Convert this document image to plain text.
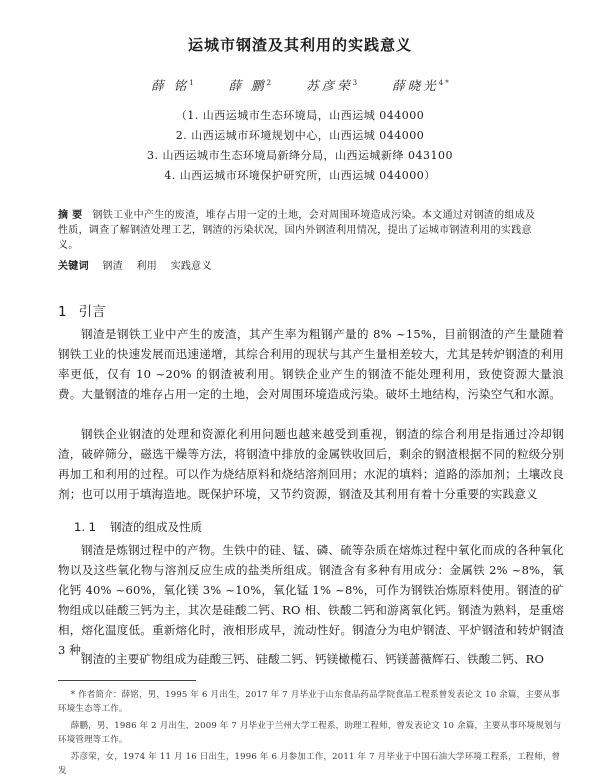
运城市钢渣及其利用的实践意义
薛 铭$^1$	薛 鹏$^2$	苏彦荣$^3$	薛晓光$^{4 *}$
（1. 山西运城市生态环境局，山西运城 044000
2. 山西运城市环境规划中心，山西运城 044000
3. 山西运城市生态环境局新绛分局，山西运城新绛 043100
4. 山西运城市环境保护研究所，山西运城 044000）
摘 要 钢铁工业中产生的废渣，堆存占用一定的土地，会对周围环境造成污染。本文通过对钢渣的组成及性质，调查了解钢渣处理工艺，钢渣的污染状况，国内外钢渣利用情况，提出了运城市钢渣利用的实践意义。
关键词 钢渣 利用 实践意义
1 引言
钢渣是钢铁工业中产生的废渣，其产生率为粗钢产量的 8% ~15%，目前钢渣的产生量随着钢铁工业的快速发展而迅速递增，其综合利用的现状与其产生量相差较大，尤其是转炉钢渣的利用率更低，仅有 10 ~20% 的钢渣被利用。钢铁企业产生的钢渣不能处理利用，致使资源大量浪费。大量钢渣的堆存占用一定的土地，会对周围环境造成污染。破坏土地结构，污染空气和水源。
钢铁企业钢渣的处理和资源化利用问题也越来越受到重视，钢渣的综合利用是指通过冷却钢渣，破碎筛分，磁选干燥等方法，将钢渣中排放的金属铁收回后，剩余的钢渣根据不同的粒级分别再加工和利用的过程。可以作为烧结原料和烧结溶剂回用；水泥的填料；道路的添加剂；土壤改良剂；也可以用于填海造地。既保护环境，又节约资源，钢渣及其利用有着十分重要的实践意义
1. 1 钢渣的组成及性质
钢渣是炼钢过程中的产物。生铁中的硅、锰、磷、硫等杂质在熔炼过程中氧化而成的各种氧化物以及这些氧化物与溶剂反应生成的盐类所组成。钢渣含有多种有用成分：金属铁 2% ~8%，氧化钙 40% ~60%，氧化镁 3% ~10%，氧化锰 1% ~8%，可作为钢铁冶炼原料使用。钢渣的矿物组成以硅酸三钙为主，其次是硅酸二钙、RO 相、铁酸二钙和游离氧化钙。钢渣为熟料，是重熔相，熔化温度低。重新熔化时，液相形成早，流动性好。钢渣分为电炉钢渣、平炉钢渣和转炉钢渣 3 种。
钢渣的主要矿物组成为硅酸三钙、硅酸二钙、钙镁橄榄石、钙镁蔷薇辉石、铁酸二钙、RO
* 作者简介：薛铭，男，1995 年 6 月出生，2017 年 7 月毕业于山东食品药品学院食品工程系曾发表论文 10 余篇，主要从事环境生态等工作。
薛鹏，男，1986 年 2 月出生，2009 年 7 月毕业于兰州大学工程系，助理工程师，曾发表论文 10 余篇，主要从事环境规划与环境管理等工作。
苏彦荣，女，1974 年 11 月 16 日出生，1996 年 6 月参加工作，2011 年 7 月毕业于中国石油大学环境工程系，工程师，曾发
